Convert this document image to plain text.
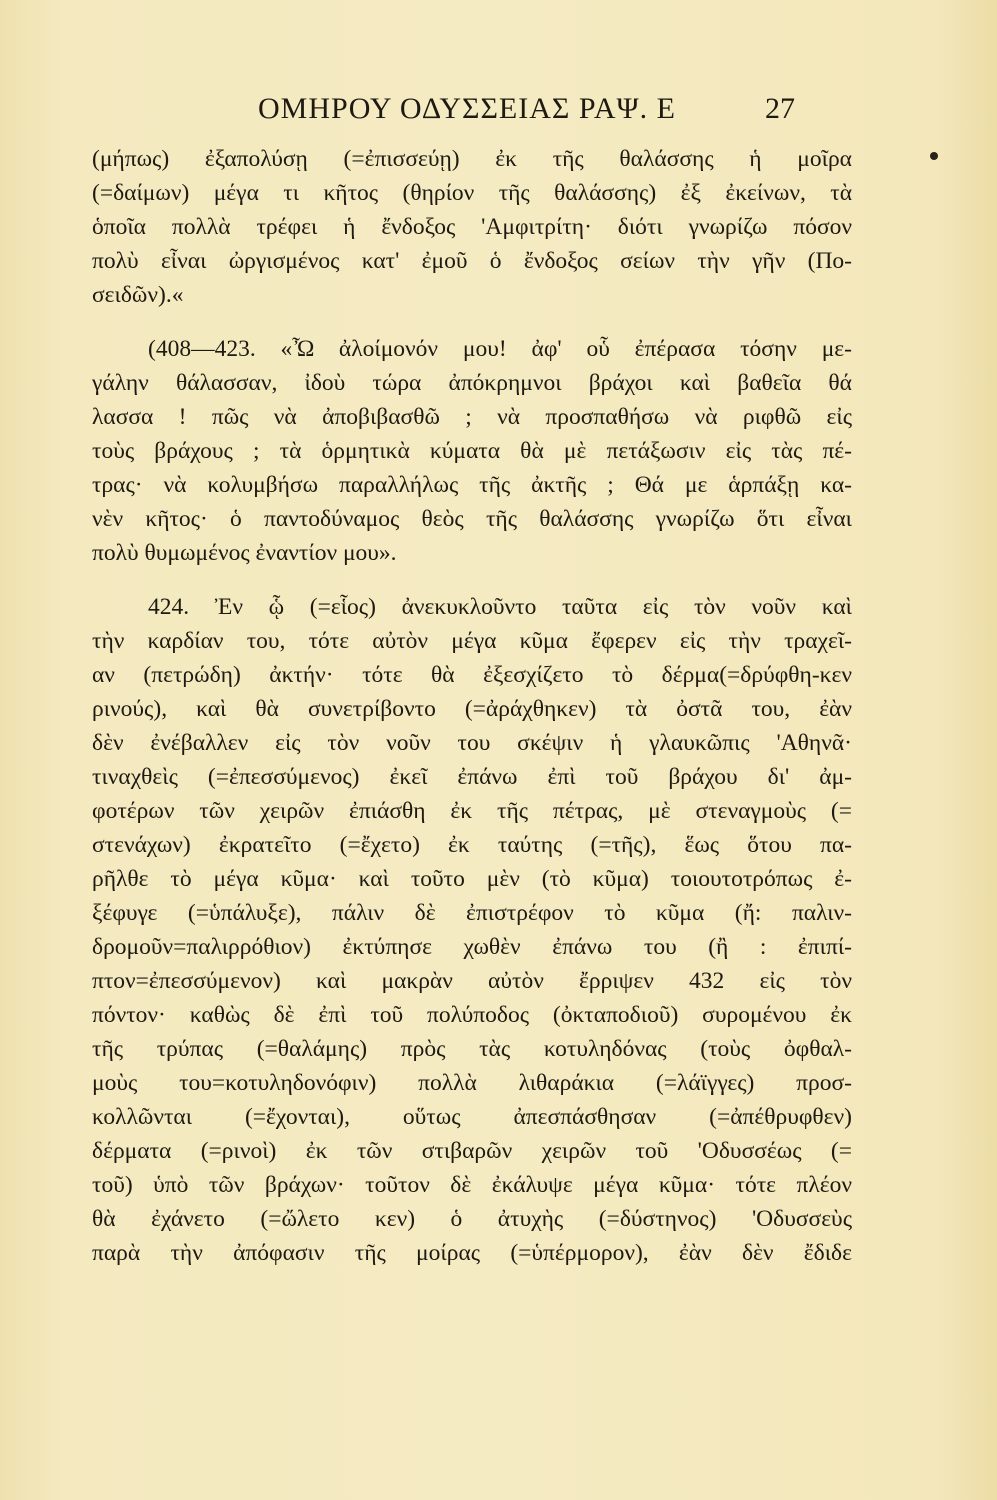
ΟΜΗΡΟΥ ΟΔΥΣΣΕΙΑΣ ΡΑΨ. Ε	27
(μήπως) ἐξαπολύσῃ (=ἐπισσεύῃ) ἐκ τῆς θαλάσσης ἡ μοῖρα
(=δαίμων) μέγα τι κῆτος (θηρίον τῆς θαλάσσης) ἐξ ἐκείνων, τὰ
ὁποῖα πολλὰ τρέφει ἡ ἔνδοξος 'Αμφιτρίτη· διότι γνωρίζω πόσον
πολὺ εἶναι ὠργισμένος κατ' ἐμοῦ ὁ ἔνδοξος σείων τὴν γῆν (Πο-
σειδῶν).«
(408—423. «Ὦ ἀλοίμονόν μου! ἀφ' οὗ ἐπέρασα τόσην με-
γάλην θάλασσαν, ἰδοὺ τώρα ἀπόκρημνοι βράχοι καὶ βαθεῖα θά
λασσα ! πῶς νὰ ἀποβιβασθῶ ; νὰ προσπαθήσω νὰ ριφθῶ εἰς
τοὺς βράχους ; τὰ ὁρμητικὰ κύματα θὰ μὲ πετάξωσιν εἰς τὰς πέ-
τρας· νὰ κολυμβήσω παραλλήλως τῆς ἀκτῆς ; Θά με ἁρπάξῃ κα-
νὲν κῆτος· ὁ παντοδύναμος θεὸς τῆς θαλάσσης γνωρίζω ὅτι εἶναι
πολὺ θυμωμένος ἐναντίον μου».
424. Ἐν ᾧ (=εἷος) ἀνεκυκλοῦντο ταῦτα εἰς τὸν νοῦν καὶ
τὴν καρδίαν του, τότε αὐτὸν μέγα κῦμα ἔφερεν εἰς τὴν τραχεῖ-
αν (πετρώδη) ἀκτήν· τότε θὰ ἐξεσχίζετο τὸ δέρμα(=δρύφθη-κεν
ρινούς), καὶ θὰ συνετρίβοντο (=ἀράχθηκεν) τὰ ὀστᾶ του, ἐὰν
δὲν ἐνέβαλλεν εἰς τὸν νοῦν του σκέψιν ἡ γλαυκῶπις 'Αθηνᾶ·
τιναχθεὶς (=ἐπεσσύμενος) ἐκεῖ ἐπάνω ἐπὶ τοῦ βράχου δι' ἀμ-
φοτέρων τῶν χειρῶν ἐπιάσθη ἐκ τῆς πέτρας, μὲ στεναγμοὺς (=
στενάχων) ἐκρατεῖτο (=ἔχετο) ἐκ ταύτης (=τῆς), ἕως ὅτου πα-
ρῆλθε τὸ μέγα κῦμα· καὶ τοῦτο μὲν (τὸ κῦμα) τοιουτοτρόπως ἐ-
ξέφυγε (=ὑπάλυξε), πάλιν δὲ ἐπιστρέφον τὸ κῦμα (ἤ: παλιν-
δρομοῦν=παλιρρόθιον) ἐκτύπησε χωθὲν ἐπάνω του (ἢ : ἐπιπί-
πτον=ἐπεσσύμενον) καὶ μακρὰν αὐτὸν ἔρριψεν 432 εἰς τὸν
πόντον· καθὼς δὲ ἐπὶ τοῦ πολύποδος (ὀκταποδιοῦ) συρομένου ἐκ
τῆς τρύπας (=θαλάμης) πρὸς τὰς κοτυληδόνας (τοὺς ὀφθαλ-
μοὺς του=κοτυληδονόφιν) πολλὰ λιθαράκια (=λάϊγγες) προσ-
κολλῶνται (=ἔχονται), οὕτως ἀπεσπάσθησαν (=ἀπέθρυφθεν)
δέρματα (=ρινοὶ) ἐκ τῶν στιβαρῶν χειρῶν τοῦ 'Οδυσσέως (=
τοῦ) ὑπὸ τῶν βράχων· τοῦτον δὲ ἐκάλυψε μέγα κῦμα· τότε πλέον
θὰ ἐχάνετο (=ὤλετο κεν) ὁ ἀτυχὴς (=δύστηνος) 'Οδυσσεὺς
παρὰ τὴν ἀπόφασιν τῆς μοίρας (=ὑπέρμορον), ἐὰν δὲν ἔδιδε
